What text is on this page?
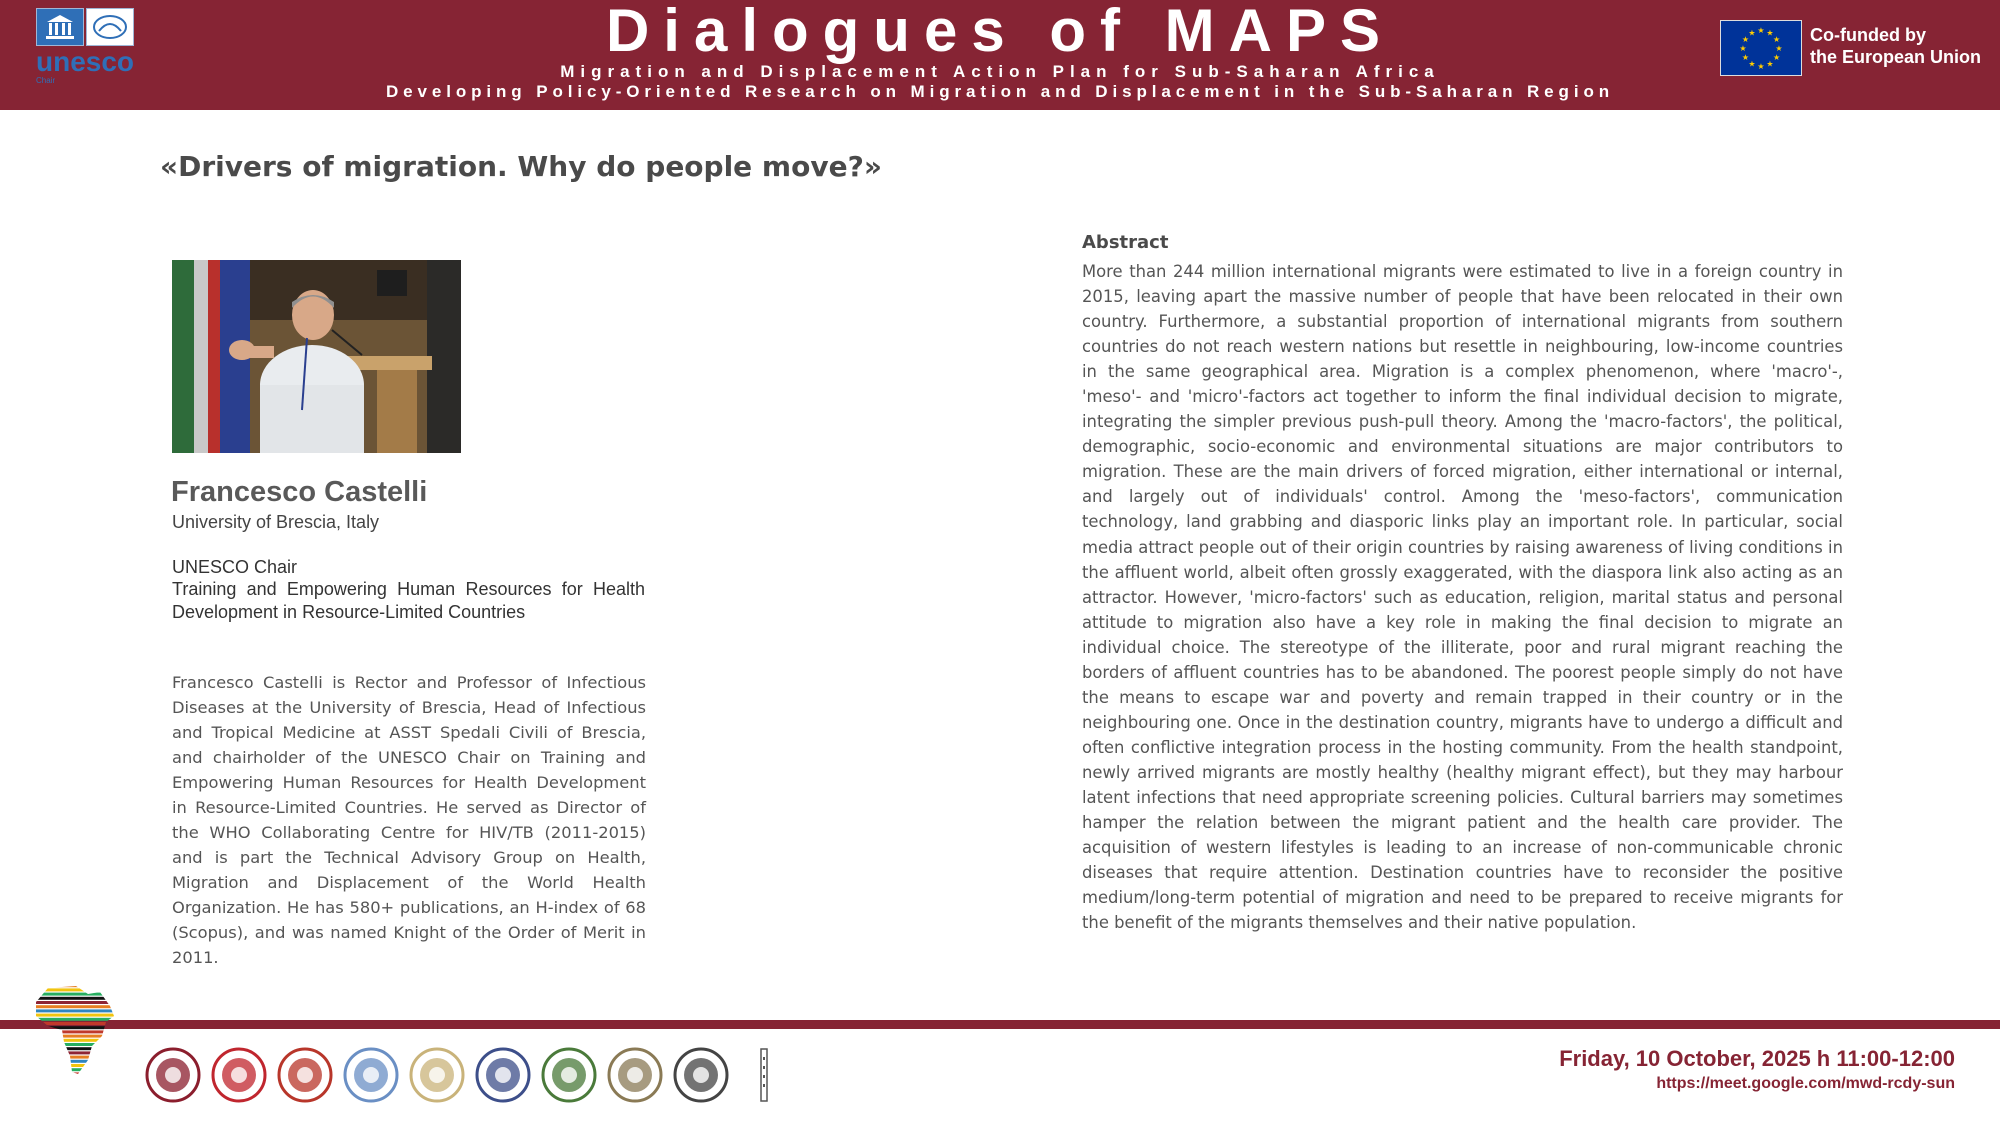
unesco
Chair
Dialogues of MAPS
Migration and Displacement Action Plan for Sub-Saharan Africa
Developing Policy-Oriented Research on Migration and Displacement in the Sub-Saharan Region
★
★
★
★
★
★
★
★
★ ★ ★
★ Co-funded by
the European Union
«Drivers of migration. Why do people move?»
Francesco Castelli
University of Brescia, Italy
UNESCO Chair
Training and Empowering Human Resources for Health Development in Resource-Limited Countries
Francesco Castelli is Rector and Professor of Infectious Diseases at the University of Brescia, Head of Infectious and Tropical Medicine at ASST Spedali Civili of Brescia, and chairholder of the UNESCO Chair on Training and Empowering Human Resources for Health Development in Resource-Limited Countries. He served as Director of the WHO Collaborating Centre for HIV/TB (2011-2015) and is part the Technical Advisory Group on Health, Migration and Displacement of the World Health Organization. He has 580+ publications, an H-index of 68 (Scopus), and was named Knight of the Order of Merit in 2011.
Abstract
More than 244 million international migrants were estimated to live in a foreign country in 2015, leaving apart the massive number of people that have been relocated in their own country. Furthermore, a substantial proportion of international migrants from southern countries do not reach western nations but resettle in neighbouring, low-income countries in the same geographical area. Migration is a complex phenomenon, where 'macro'-, 'meso'- and 'micro'-factors act together to inform the final individual decision to migrate, integrating the simpler previous push-pull theory. Among the 'macro-factors', the political, demographic, socio-economic and environmental situations are major contributors to migration. These are the main drivers of forced migration, either international or internal, and largely out of individuals' control. Among the 'meso-factors', communication technology, land grabbing and diasporic links play an important role. In particular, social media attract people out of their origin countries by raising awareness of living conditions in the affluent world, albeit often grossly exaggerated, with the diaspora link also acting as an attractor. However, 'micro-factors' such as education, religion, marital status and personal attitude to migration also have a key role in making the final decision to migrate an individual choice. The stereotype of the illiterate, poor and rural migrant reaching the borders of affluent countries has to be abandoned. The poorest people simply do not have the means to escape war and poverty and remain trapped in their country or in the neighbouring one. Once in the destination country, migrants have to undergo a difficult and often conflictive integration process in the hosting community. From the health standpoint, newly arrived migrants are mostly healthy (healthy migrant effect), but they may harbour latent infections that need appropriate screening policies. Cultural barriers may sometimes hamper the relation between the migrant patient and the health care provider. The acquisition of western lifestyles is leading to an increase of non-communicable chronic diseases that require attention. Destination countries have to reconsider the positive medium/long-term potential of migration and need to be prepared to receive migrants for the benefit of the migrants themselves and their native population.
Friday, 10 October, 2025 h 11:00-12:00
https://meet.google.com/mwd-rcdy-sun
